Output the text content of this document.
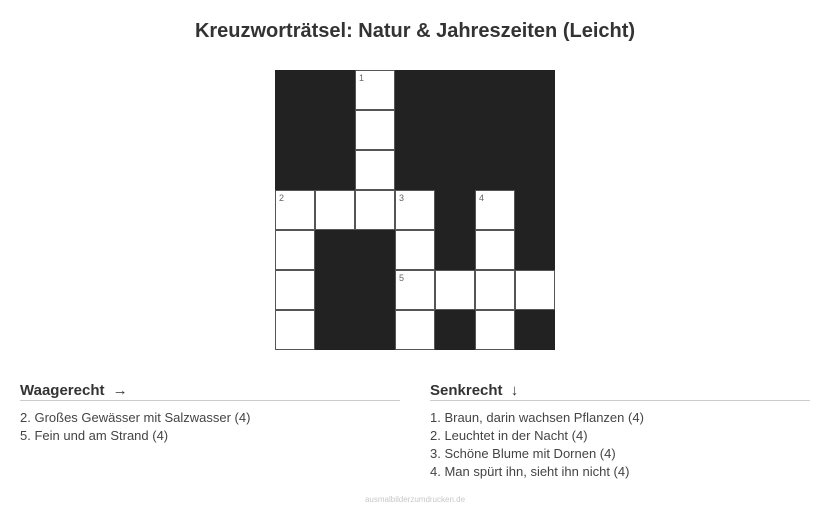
Kreuzworträtsel: Natur & Jahreszeiten (Leicht)
1
2	3	4
5
Waagerecht →
2. Großes Gewässer mit Salzwasser (4)
5. Fein und am Strand (4)
Senkrecht ↓
1. Braun, darin wachsen Pflanzen (4)
2. Leuchtet in der Nacht (4)
3. Schöne Blume mit Dornen (4)
4. Man spürt ihn, sieht ihn nicht (4)
ausmalbilderzumdrucken.de
